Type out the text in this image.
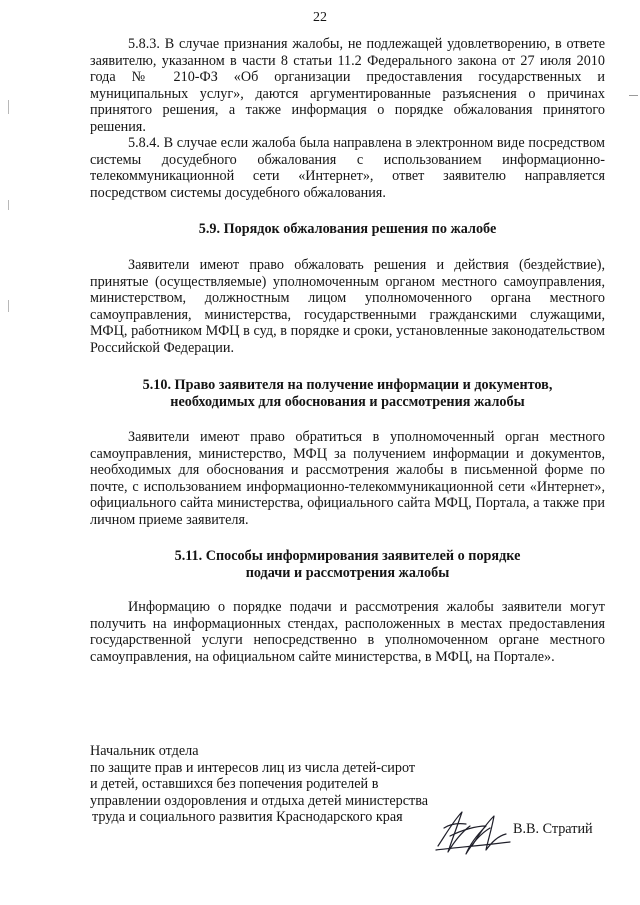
22

5.8.3. В случае признания жалобы, не подлежащей удовлетворению, в ответе заявителю, указанном в части 8 статьи 11.2 Федерального закона от 27 июля 2010 года № 210-ФЗ «Об организации предоставления государственных и муниципальных услуг», даются аргументированные разъяснения о причинах принятого решения, а также информация о порядке обжалования принятого решения.

5.8.4. В случае если жалоба была направлена в электронном виде посредством системы досудебного обжалования с использованием информационно-телекоммуникационной сети «Интернет», ответ заявителю направляется посредством системы досудебного обжалования.

5.9. Порядок обжалования решения по жалобе

Заявители имеют право обжаловать решения и действия (бездействие), принятые (осуществляемые) уполномоченным органом местного самоуправления, министерством, должностным лицом уполномоченного органа местного самоуправления, министерства, государственными гражданскими служащими, МФЦ, работником МФЦ в суд, в порядке и сроки, установленные законодательством Российской Федерации.

5.10. Право заявителя на получение информации и документов,
необходимых для обоснования и рассмотрения жалобы

Заявители имеют право обратиться в уполномоченный орган местного самоуправления, министерство, МФЦ за получением информации и документов, необходимых для обоснования и рассмотрения жалобы в письменной форме по почте, с использованием информационно-телекоммуникационной сети «Интернет», официального сайта министерства, официального сайта МФЦ, Портала, а также при личном приеме заявителя.

5.11. Способы информирования заявителей о порядке
подачи и рассмотрения жалобы

Информацию о порядке подачи и рассмотрения жалобы заявители могут получить на информационных стендах, расположенных в местах предоставления государственной услуги непосредственно в уполномоченном органе местного самоуправления, на официальном сайте министерства, в МФЦ, на Портале».

Начальник отдела
по защите прав и интересов лиц из числа детей-сирот
и детей, оставшихся без попечения родителей в
управлении оздоровления и отдыха детей министерства
труда и социального развития Краснодарского края
В.В. Стратий
